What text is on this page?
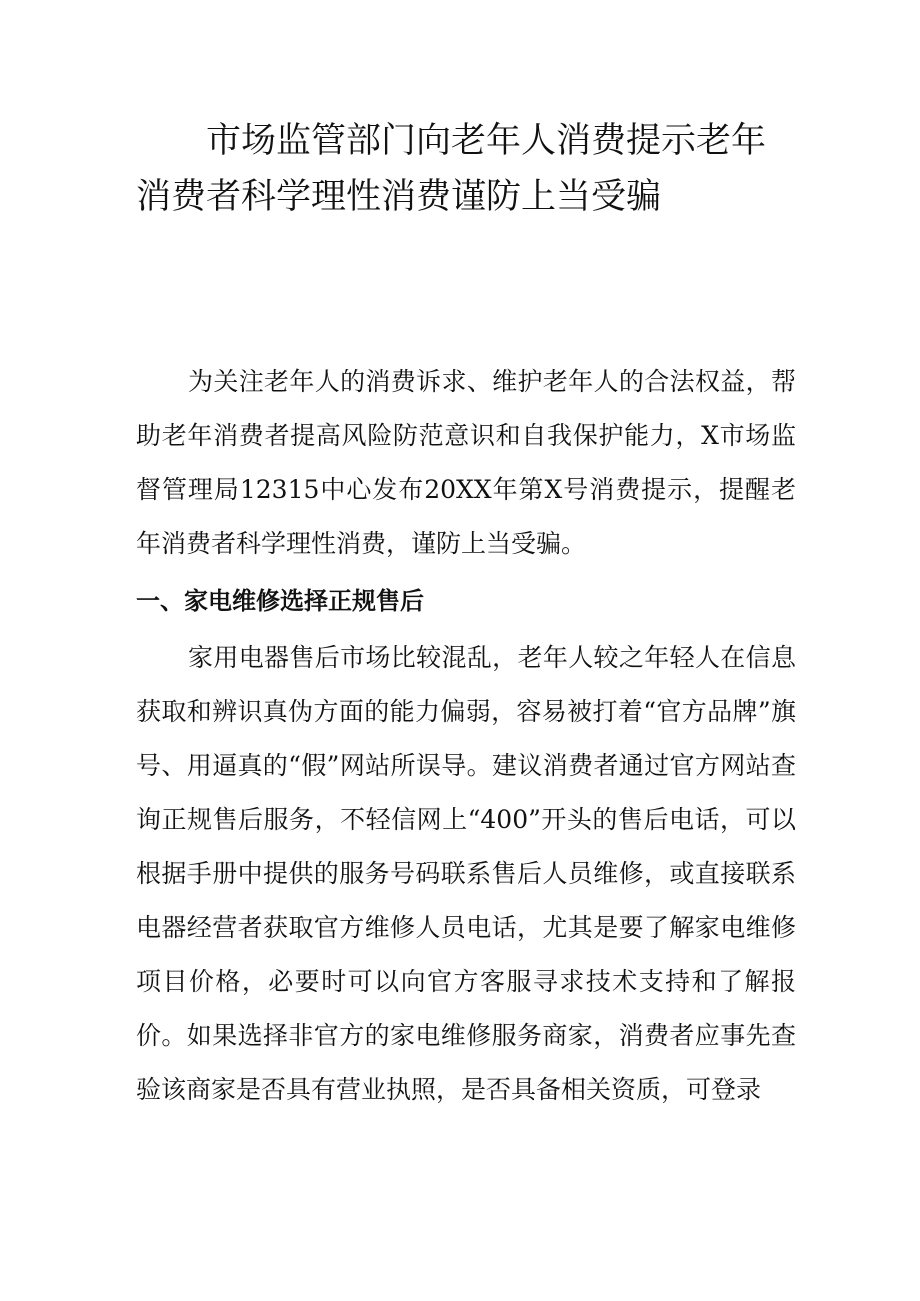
市场监管部门向老年人消费提示老年消费者科学理性消费谨防上当受骗

为关注老年人的消费诉求、维护老年人的合法权益，帮助老年消费者提高风险防范意识和自我保护能力，X市场监督管理局12315中心发布20XX年第X号消费提示，提醒老年消费者科学理性消费，谨防上当受骗。

一、家电维修选择正规售后

家用电器售后市场比较混乱，老年人较之年轻人在信息获取和辨识真伪方面的能力偏弱，容易被打着“官方品牌”旗号、用逼真的“假”网站所误导。建议消费者通过官方网站查询正规售后服务，不轻信网上“400”开头的售后电话，可以根据手册中提供的服务号码联系售后人员维修，或直接联系电器经营者获取官方维修人员电话，尤其是要了解家电维修项目价格，必要时可以向官方客服寻求技术支持和了解报价。如果选择非官方的家电维修服务商家，消费者应事先查验该商家是否具有营业执照，是否具备相关资质，可登录
